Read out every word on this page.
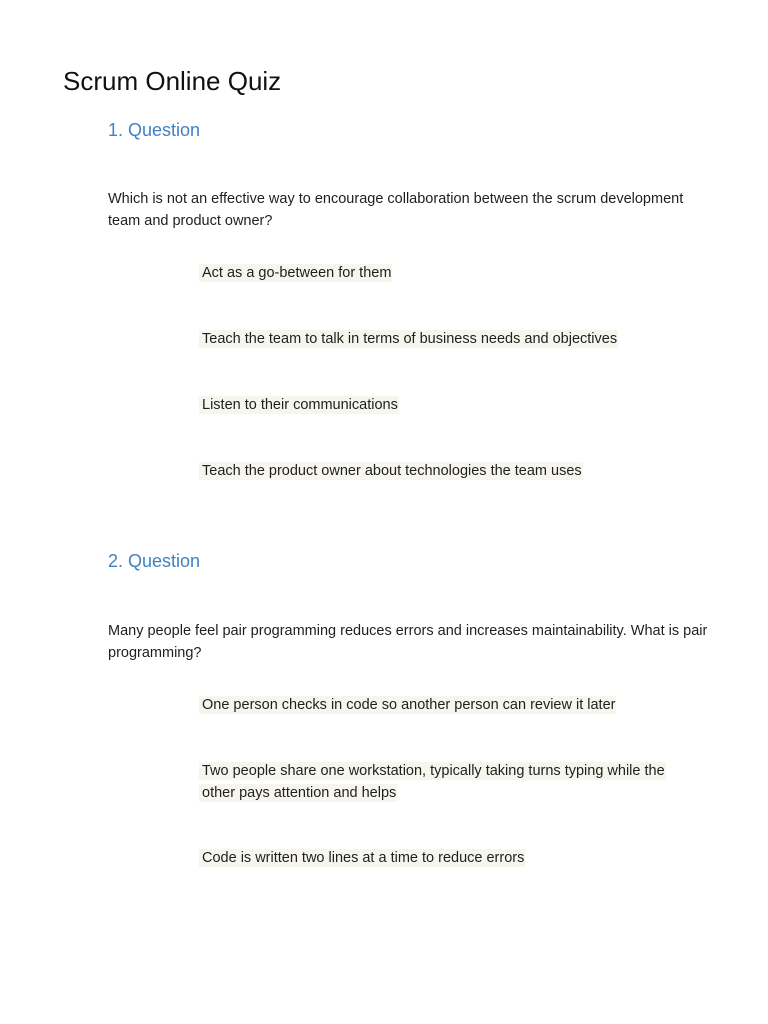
Scrum Online Quiz
1. Question

Which is not an effective way to encourage collaboration between the scrum development team and product owner?

Act as a go-between for them
Teach the team to talk in terms of business needs and objectives
Listen to their communications
Teach the product owner about technologies the team uses
2. Question

Many people feel pair programming reduces errors and increases maintainability. What is pair programming?

One person checks in code so another person can review it later
Two people share one workstation, typically taking turns typing while the other pays attention and helps
Code is written two lines at a time to reduce errors
